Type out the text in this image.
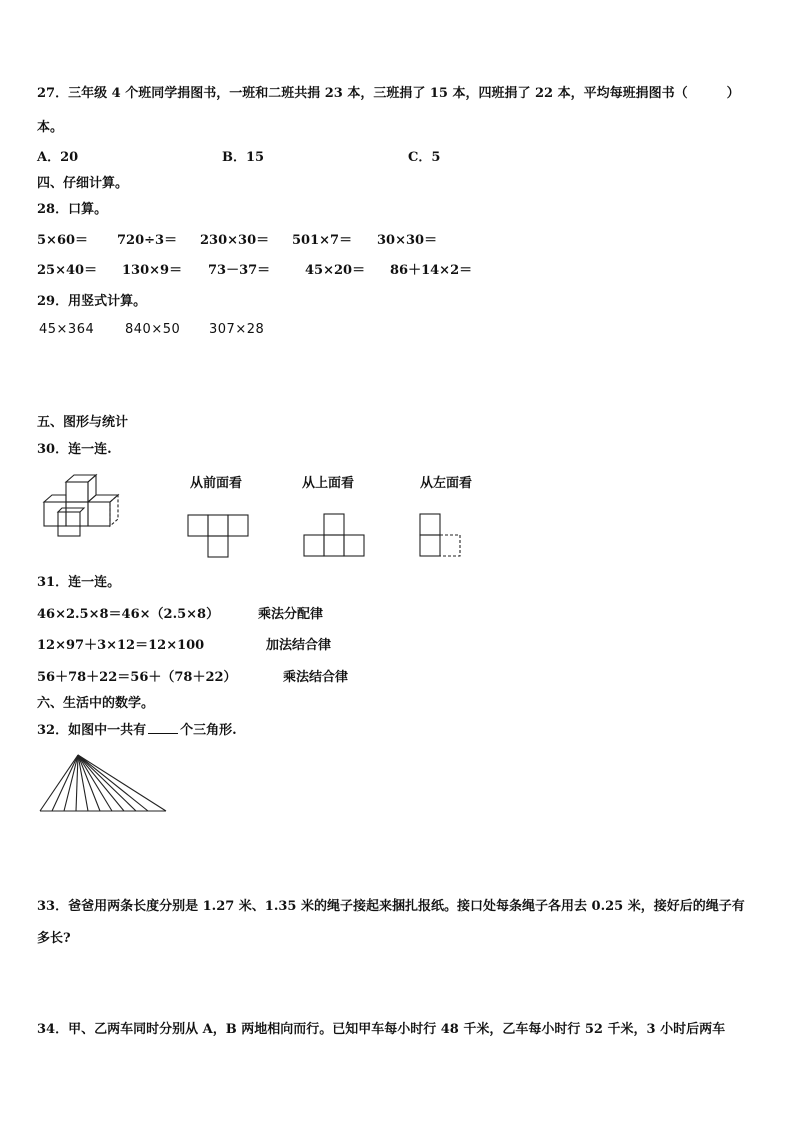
27．三年级 4 个班同学捐图书，一班和二班共捐 23 本，三班捐了 15 本，四班捐了 22 本，平均每班捐图书（　　　）
本。
A．20	B．15	C．5
四、仔细计算。
28．口算。
5×60＝ 720÷3＝ 230×30＝ 501×7＝ 30×30＝
25×40＝ 130×9＝ 73－37＝	45×20＝ 86＋14×2＝
29．用竖式计算。
45×364 840×50 307×28
五、图形与统计
30．连一连.
从前面看	从上面看	从左面看
31．连一连。
46×2.5×8＝46×（2.5×8）
12×97＋3×12＝12×100
56＋78＋22＝56＋（78＋22）
乘法分配律
加法结合律
乘法结合律
六、生活中的数学。
32．如图中一共有	个三角形.
33．爸爸用两条长度分别是 1.27 米、1.35 米的绳子接起来捆扎报纸。接口处每条绳子各用去 0.25 米，接好后的绳子有
多长?
34．甲、乙两车同时分别从 A，B 两地相向而行。已知甲车每小时行 48 千米，乙车每小时行 52 千米，3 小时后两车
